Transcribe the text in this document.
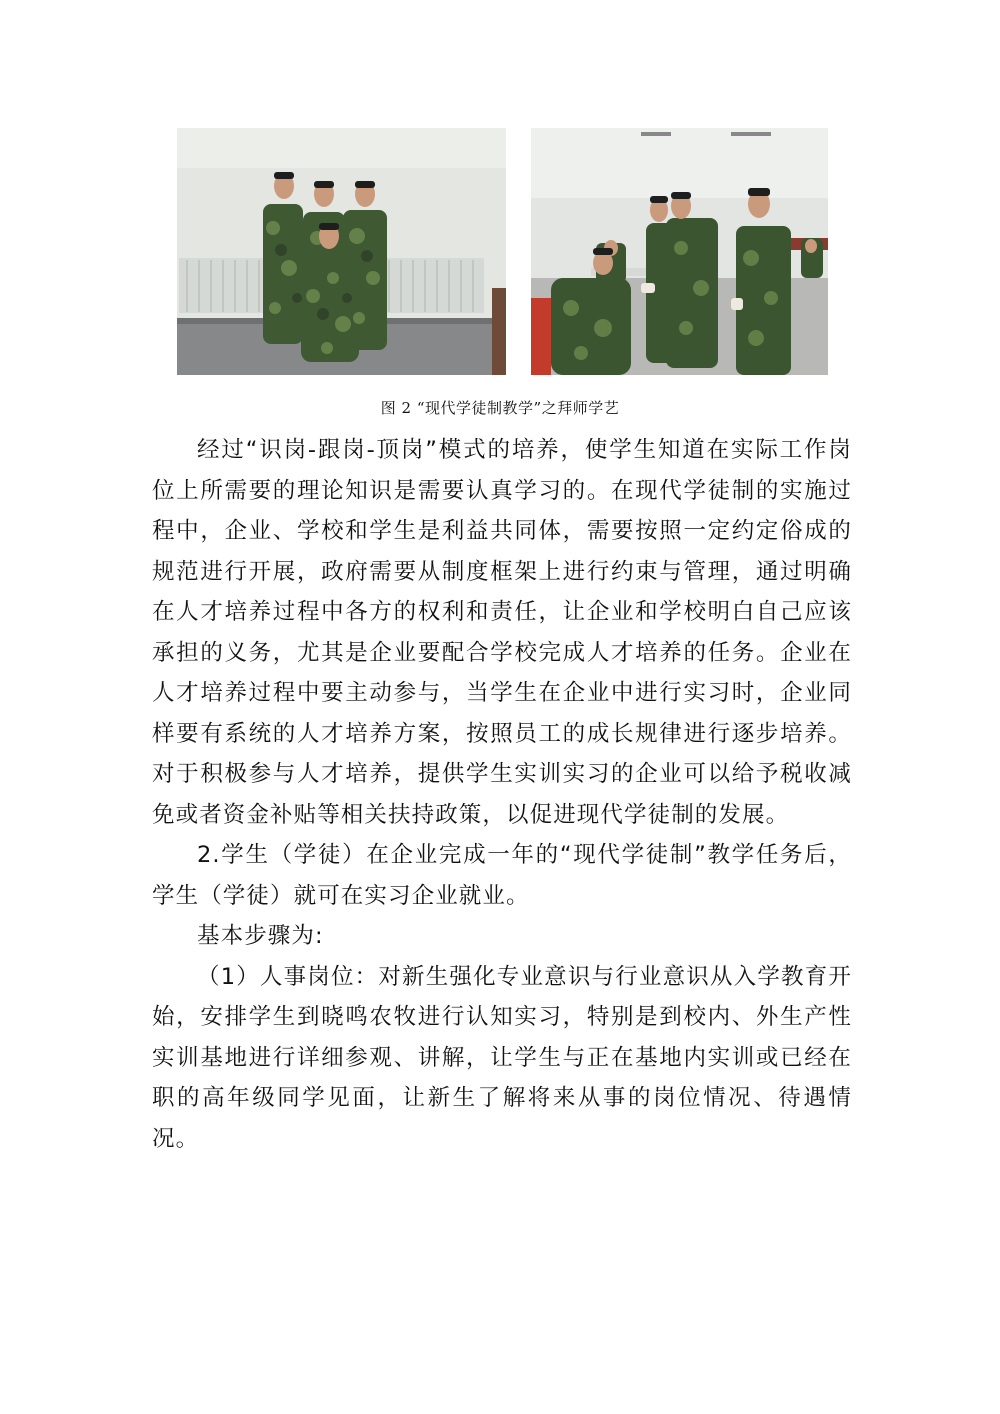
图 2 “现代学徒制教学”之拜师学艺

经过“识岗-跟岗-顶岗”模式的培养，使学生知道在实际工作岗位上所需要的理论知识是需要认真学习的。在现代学徒制的实施过程中，企业、学校和学生是利益共同体，需要按照一定约定俗成的规范进行开展，政府需要从制度框架上进行约束与管理，通过明确在人才培养过程中各方的权利和责任，让企业和学校明白自己应该承担的义务，尤其是企业要配合学校完成人才培养的任务。企业在人才培养过程中要主动参与，当学生在企业中进行实习时，企业同样要有系统的人才培养方案，按照员工的成长规律进行逐步培养。对于积极参与人才培养，提供学生实训实习的企业可以给予税收减免或者资金补贴等相关扶持政策，以促进现代学徒制的发展。

2.学生（学徒）在企业完成一年的“现代学徒制”教学任务后，学生（学徒）就可在实习企业就业。

基本步骤为:

（1）人事岗位：对新生强化专业意识与行业意识从入学教育开始，安排学生到晓鸣农牧进行认知实习，特别是到校内、外生产性实训基地进行详细参观、讲解，让学生与正在基地内实训或已经在职的高年级同学见面，让新生了解将来从事的岗位情况、待遇情况。
